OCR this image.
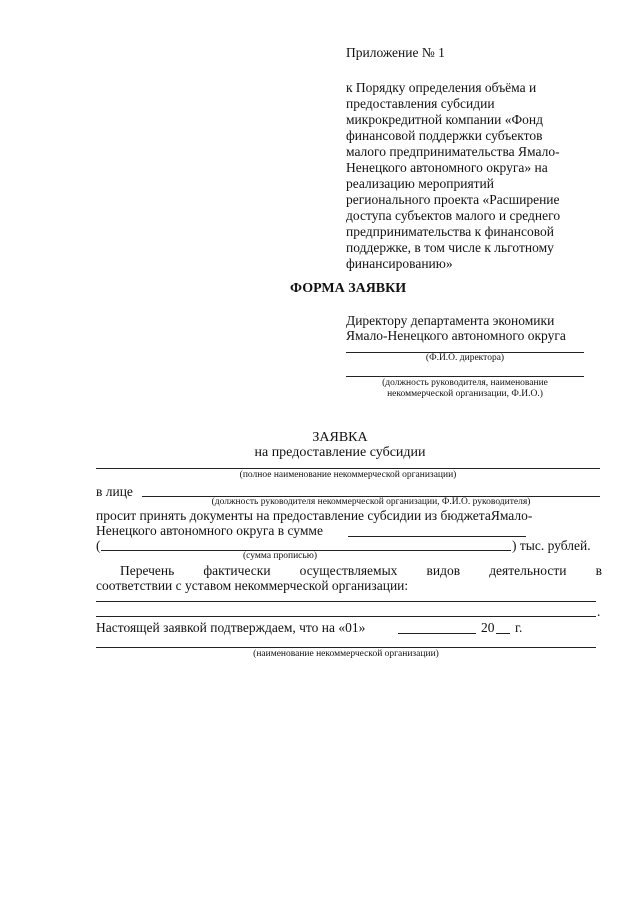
Приложение № 1
к Порядку определения объёма и
предоставления субсидии
микрокредитной компании «Фонд
финансовой поддержки субъектов
малого предпринимательства Ямало-
Ненецкого автономного округа» на
реализацию мероприятий
регионального проекта «Расширение
доступа субъектов малого и среднего
предпринимательства к финансовой
поддержке, в том числе к льготному
финансированию»
ФОРМА ЗАЯВКИ
Директору департамента экономики
Ямало-Ненецкого автономного округа
(Ф.И.О. директора)
(должность руководителя, наименование
некоммерческой организации, Ф.И.О.)
ЗАЯВКА
на предоставление субсидии
(полное наименование некоммерческой организации)
в лице
(должность руководителя некоммерческой организации, Ф.И.О. руководителя)
просит принять документы на предоставление субсидии из бюджетаЯмало-
Ненецкого автономного округа в сумме
(	) тыс. рублей.
(сумма прописью)
Перечень фактически осуществляемых видов деятельности в
соответствии с уставом некоммерческой организации:
.
Настоящей заявкой подтверждаем, что на «01»	20 г.
(наименование некоммерческой организации)
